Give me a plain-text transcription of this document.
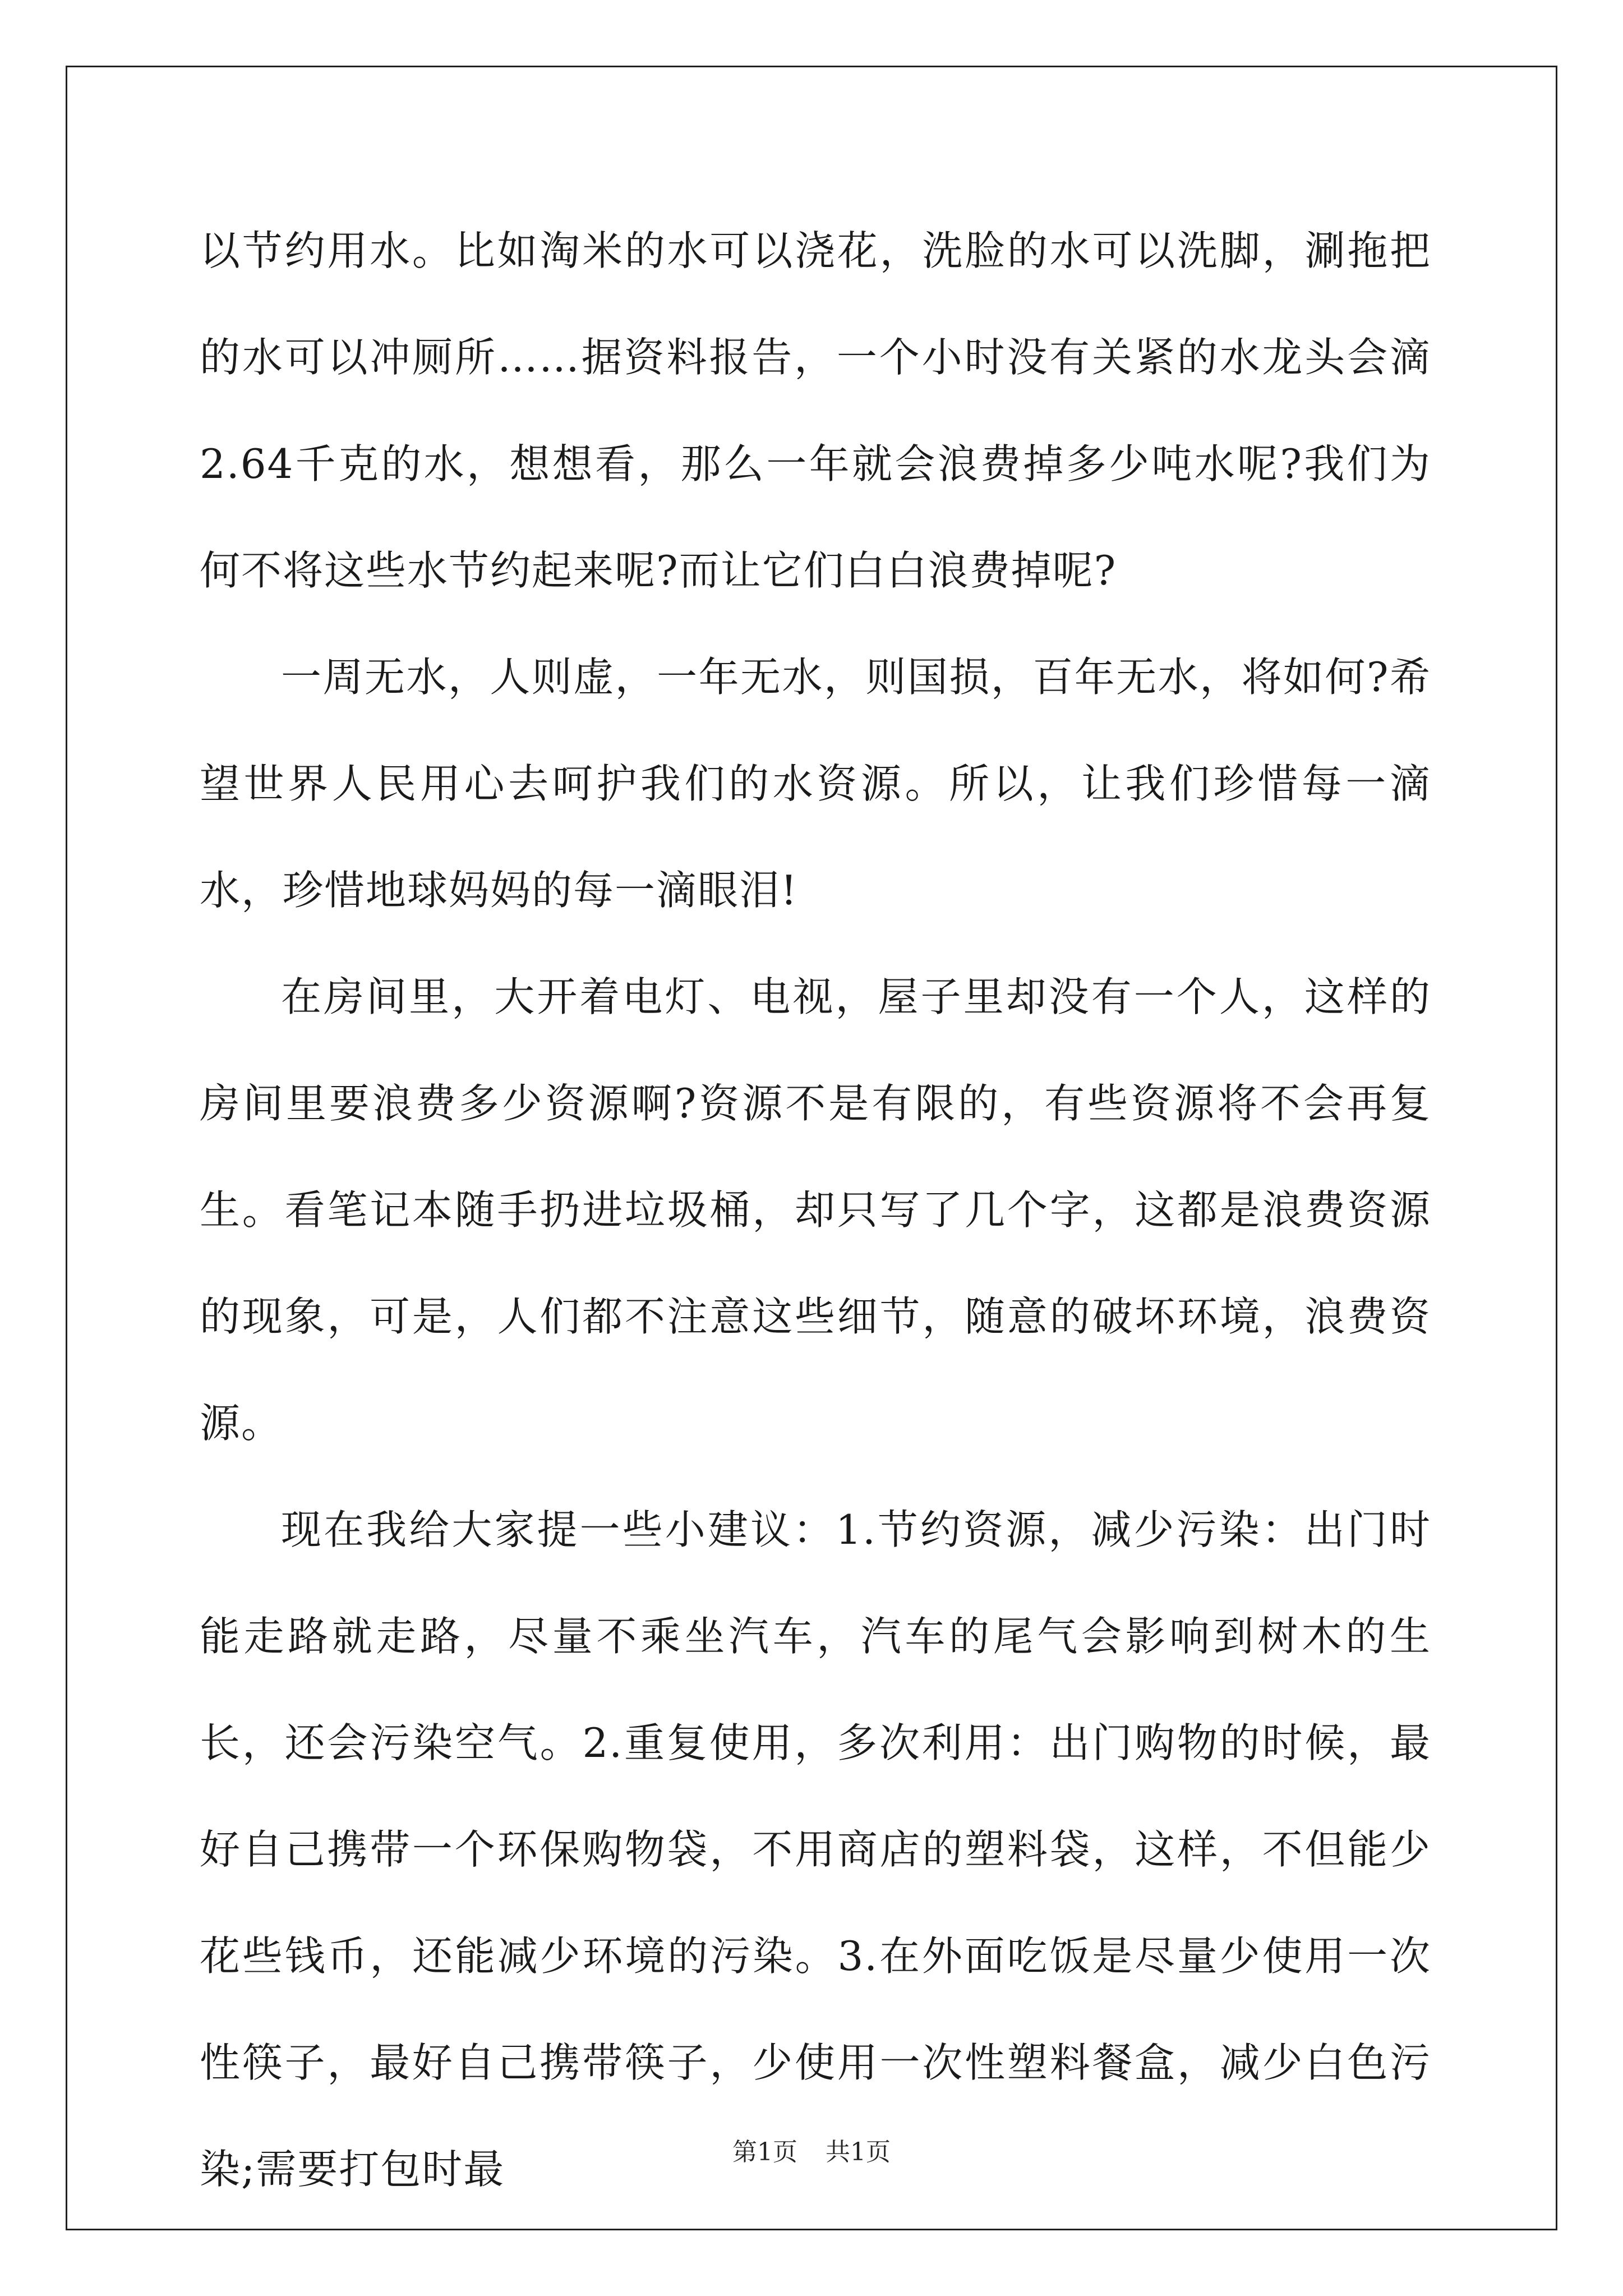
以节约用水。比如淘米的水可以浇花，洗脸的水可以洗脚，涮拖把的水可以冲厕所……据资料报告，一个小时没有关紧的水龙头会滴2.64千克的水，想想看，那么一年就会浪费掉多少吨水呢?我们为何不将这些水节约起来呢?而让它们白白浪费掉呢?

一周无水，人则虚，一年无水，则国损，百年无水，将如何?希望世界人民用心去呵护我们的水资源。所以，让我们珍惜每一滴水，珍惜地球妈妈的每一滴眼泪!

在房间里，大开着电灯、电视，屋子里却没有一个人，这样的房间里要浪费多少资源啊?资源不是有限的，有些资源将不会再复生。看笔记本随手扔进垃圾桶，却只写了几个字，这都是浪费资源的现象，可是，人们都不注意这些细节，随意的破坏环境，浪费资源。

现在我给大家提一些小建议：1.节约资源，减少污染：出门时能走路就走路，尽量不乘坐汽车，汽车的尾气会影响到树木的生长，还会污染空气。2.重复使用，多次利用：出门购物的时候，最好自己携带一个环保购物袋，不用商店的塑料袋，这样，不但能少花些钱币，还能减少环境的污染。3.在外面吃饭是尽量少使用一次性筷子，最好自己携带筷子，少使用一次性塑料餐盒，减少白色污染;需要打包时最	第1页 共1页
